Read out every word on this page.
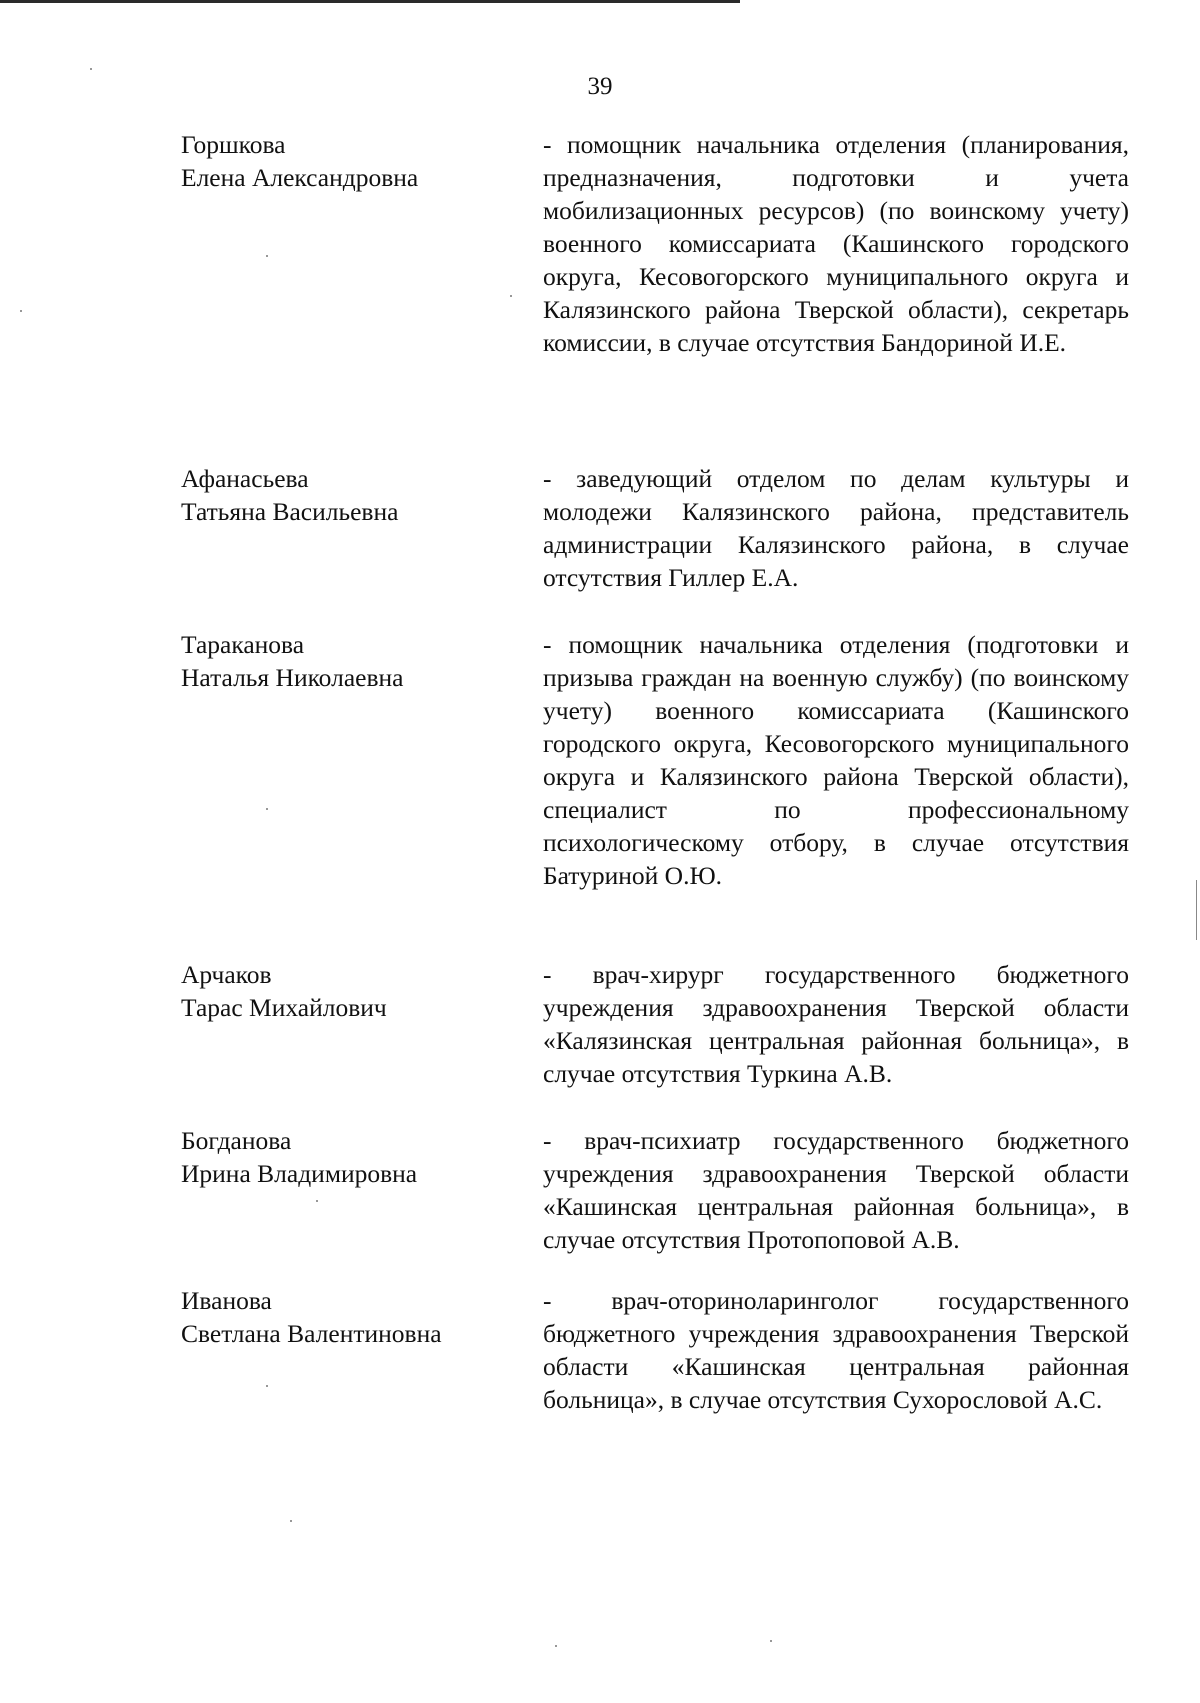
39
Горшкова
Елена Александровна
- помощник начальника отделения (планирования, предназначения, подготовки и учета мобилизационных ресурсов) (по воинскому учету) военного комиссариата (Кашинского городского округа, Кесовогорского муниципального округа и Калязинского района Тверской области), секретарь комиссии, в случае отсутствия Бандориной И.Е.
Афанасьева
Татьяна Васильевна
- заведующий отделом по делам культуры и молодежи Калязинского района, представитель администрации Калязинского района, в случае отсутствия Гиллер Е.А.
Тараканова
Наталья Николаевна
- помощник начальника отделения (подготовки и призыва граждан на военную службу) (по воинскому учету) военного комиссариата (Кашинского городского округа, Кесовогорского муниципального округа и Калязинского района Тверской области), специалист по профессиональному психологическому отбору, в случае отсутствия Батуриной О.Ю.
Арчаков
Тарас Михайлович
- врач-хирург государственного бюджетного учреждения здравоохранения Тверской области «Калязинская центральная районная больница», в случае отсутствия Туркина А.В.
Богданова
Ирина Владимировна
- врач-психиатр государственного бюджетного учреждения здравоохранения Тверской области «Кашинская центральная районная больница», в случае отсутствия Протопоповой А.В.
Иванова
Светлана Валентиновна
- врач-оториноларинголог государственного бюджетного учреждения здравоохранения Тверской области «Кашинская центральная районная больница», в случае отсутствия Сухорословой А.С.
